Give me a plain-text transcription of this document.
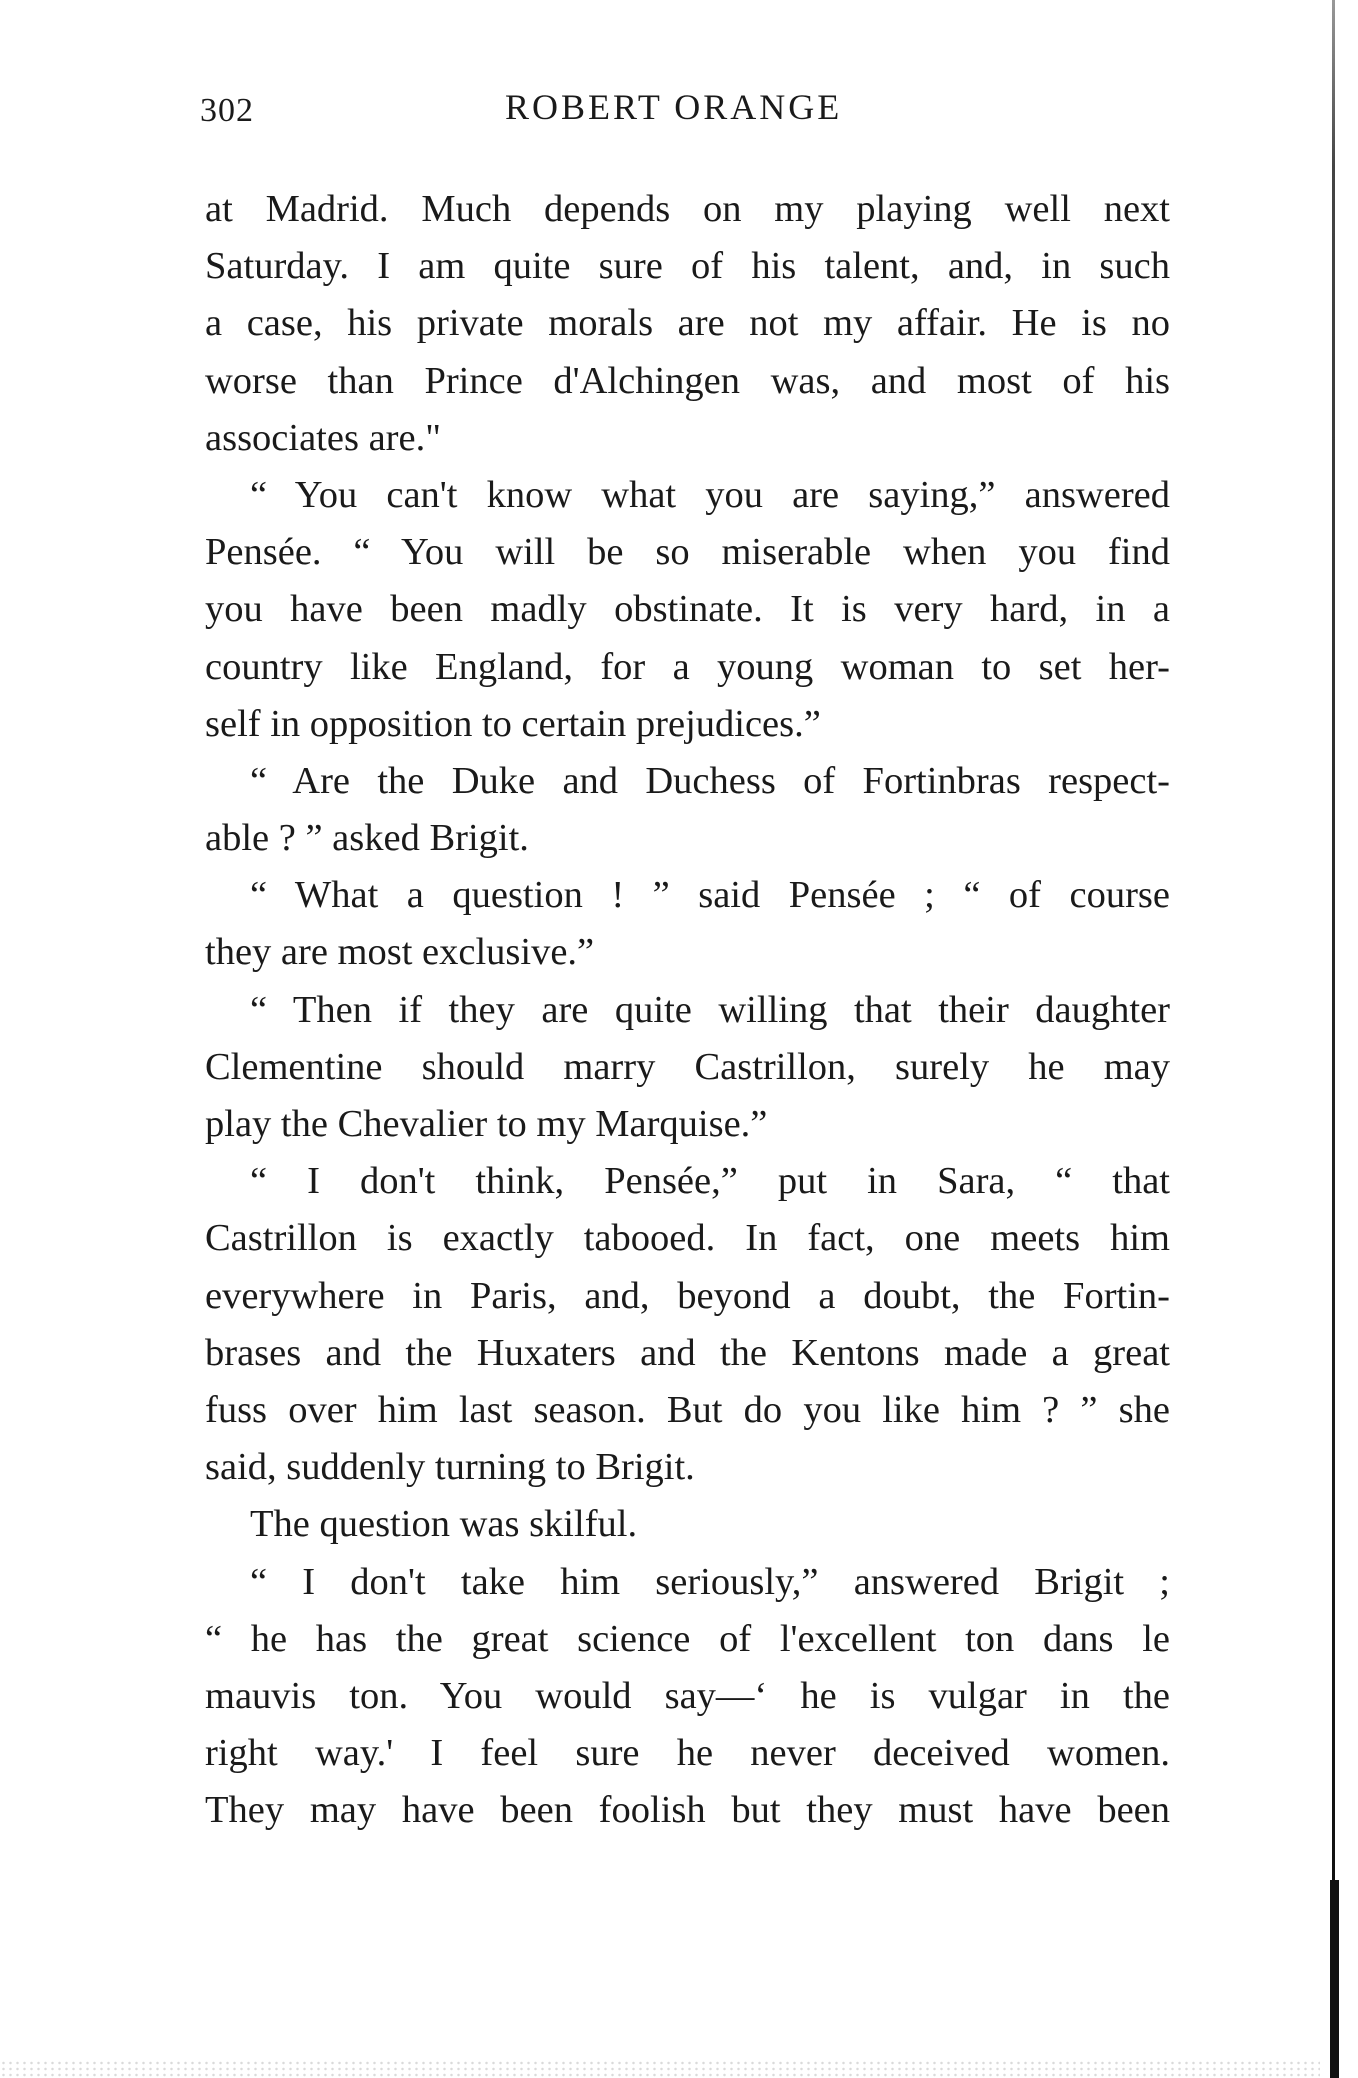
302	ROBERT ORANGE
at Madrid. Much depends on my playing well next
Saturday. I am quite sure of his talent, and, in such
a case, his private morals are not my affair. He is no
worse than Prince d'Alchingen was, and most of his
associates are."
“ You can't know what you are saying,” answered
Pensée. “ You will be so miserable when you find
you have been madly obstinate. It is very hard, in a
country like England, for a young woman to set her-
self in opposition to certain prejudices.”
“ Are the Duke and Duchess of Fortinbras respect-
able ? ” asked Brigit.
“ What a question ! ” said Pensée ; “ of course
they are most exclusive.”
“ Then if they are quite willing that their daughter
Clementine should marry Castrillon, surely he may
play the Chevalier to my Marquise.”
“ I don't think, Pensée,” put in Sara, “ that
Castrillon is exactly tabooed. In fact, one meets him
everywhere in Paris, and, beyond a doubt, the Fortin-
brases and the Huxaters and the Kentons made a great
fuss over him last season. But do you like him ? ” she
said, suddenly turning to Brigit.
The question was skilful.
“ I don't take him seriously,” answered Brigit ;
“ he has the great science of l'excellent ton dans le
mauvis ton. You would say—‘ he is vulgar in the
right way.' I feel sure he never deceived women.
They may have been foolish but they must have been
